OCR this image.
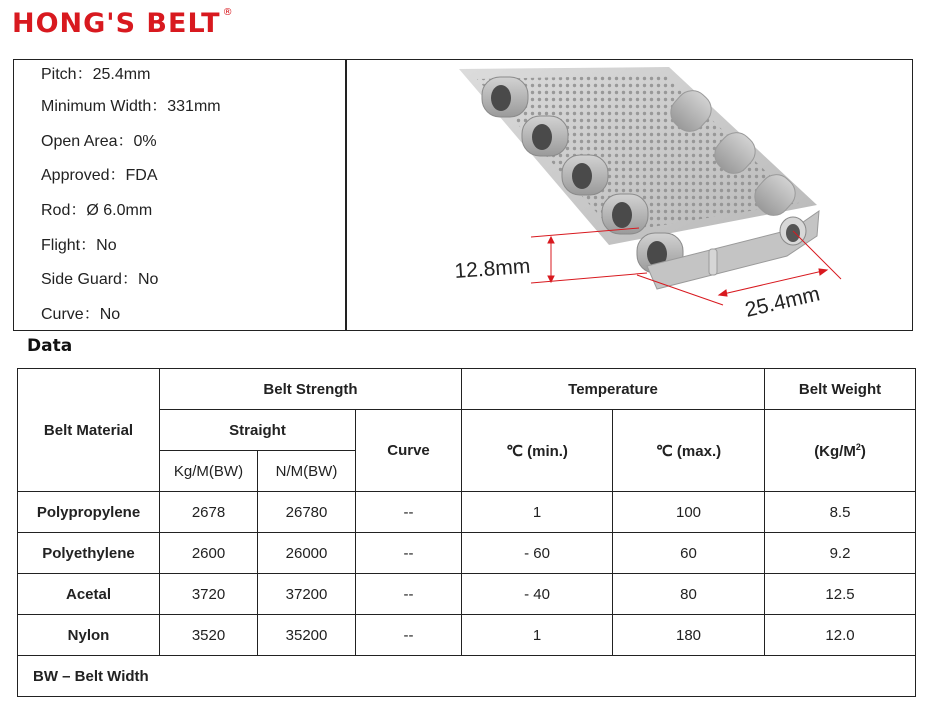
HONG'S BELT ®
Pitch：25.4mm
Minimum Width：331mm
Open Area：0%
Approved：FDA
Rod：Ø 6.0mm
Flight：No
Side Guard：No
Curve：No
12.8mm
25.4mm
Data
Belt Material	Belt Strength			Temperature		Belt Weight
	Straight		Curve	℃ (min.)	℃ (max.)	$(Kg/M^2)$
	Kg/M(BW)	N/M(BW)				
Polypropylene	2678	26780	--	1	100	8.5
Polyethylene	2600	26000	--	- 60	60	9.2
Acetal	3720	37200	--	- 40	80	12.5
Nylon	3520	35200	--	1	180	12.0
BW – Belt Width						
